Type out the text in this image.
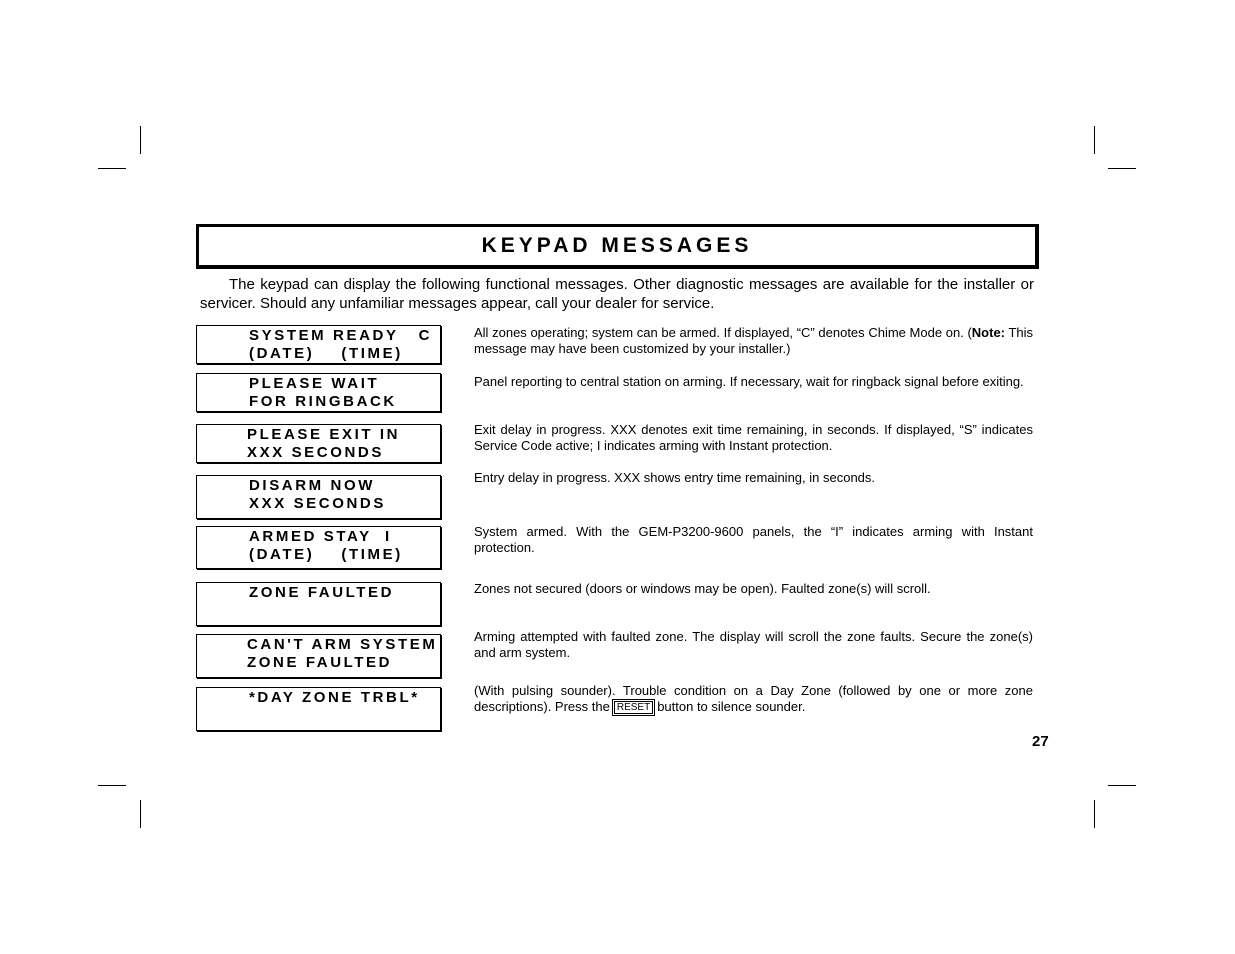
KEYPAD MESSAGES
The keypad can display the following functional messages. Other diagnostic messages are available for the installer or servicer. Should any unfamiliar messages appear, call your dealer for service.
SYSTEM READY   C
(DATE)    (TIME)
All zones operating; system can be armed. If displayed, “C” denotes Chime Mode on. (Note: This message may have been customized by your installer.)
PLEASE WAIT
FOR RINGBACK
Panel reporting to central station on arming. If necessary, wait for ringback signal before exiting.
PLEASE EXIT IN
XXX SECONDS
Exit delay in progress. XXX denotes exit time remaining, in seconds. If displayed, “S” indicates Service Code active; I indicates arming with Instant protection.
DISARM NOW
XXX SECONDS
Entry delay in progress. XXX shows entry time remaining, in seconds.
ARMED STAY  I
(DATE)    (TIME)
System armed. With the GEM-P3200-9600 panels, the “I” indicates arming with Instant protection.
ZONE FAULTED	Zones not secured (doors or windows may be open). Faulted zone(s) will scroll.
CAN'T ARM SYSTEM
ZONE FAULTED
Arming attempted with faulted zone. The display will scroll the zone faults. Secure the zone(s) and arm system.
*DAY ZONE TRBL*	(With pulsing sounder). Trouble condition on a Day Zone (followed by one or more zone descriptions). Press the RESET button to silence sounder.
27
